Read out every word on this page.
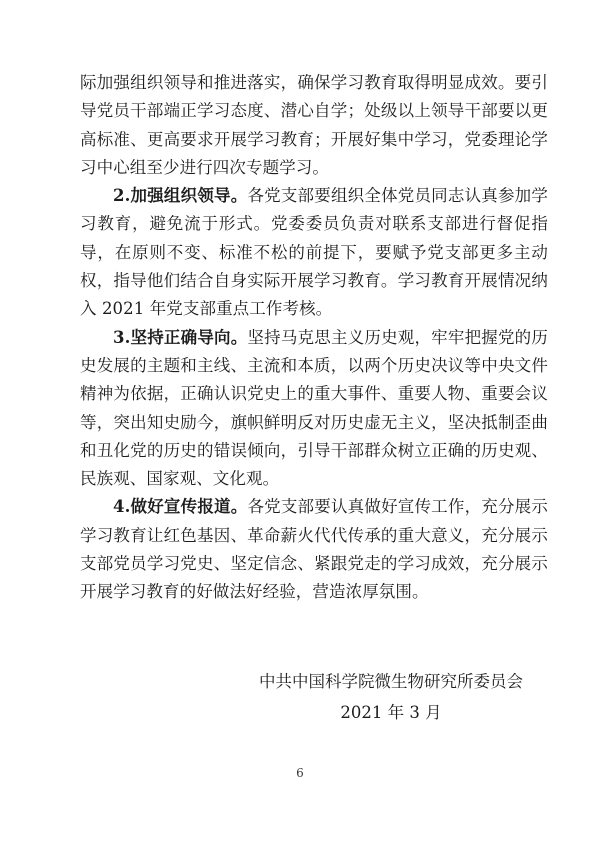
际加强组织领导和推进落实，确保学习教育取得明显成效。要引导党员干部端正学习态度、潜心自学；处级以上领导干部要以更高标准、更高要求开展学习教育；开展好集中学习，党委理论学习中心组至少进行四次专题学习。

2.加强组织领导。各党支部要组织全体党员同志认真参加学习教育，避免流于形式。党委委员负责对联系支部进行督促指导，在原则不变、标准不松的前提下，要赋予党支部更多主动权，指导他们结合自身实际开展学习教育。学习教育开展情况纳入 2021 年党支部重点工作考核。

3.坚持正确导向。坚持马克思主义历史观，牢牢把握党的历史发展的主题和主线、主流和本质，以两个历史决议等中央文件精神为依据，正确认识党史上的重大事件、重要人物、重要会议等，突出知史励今，旗帜鲜明反对历史虚无主义，坚决抵制歪曲和丑化党的历史的错误倾向，引导干部群众树立正确的历史观、民族观、国家观、文化观。

4.做好宣传报道。各党支部要认真做好宣传工作，充分展示学习教育让红色基因、革命薪火代代传承的重大意义，充分展示支部党员学习党史、坚定信念、紧跟党走的学习成效，充分展示开展学习教育的好做法好经验，营造浓厚氛围。

中共中国科学院微生物研究所委员会
2021 年 3 月
6
